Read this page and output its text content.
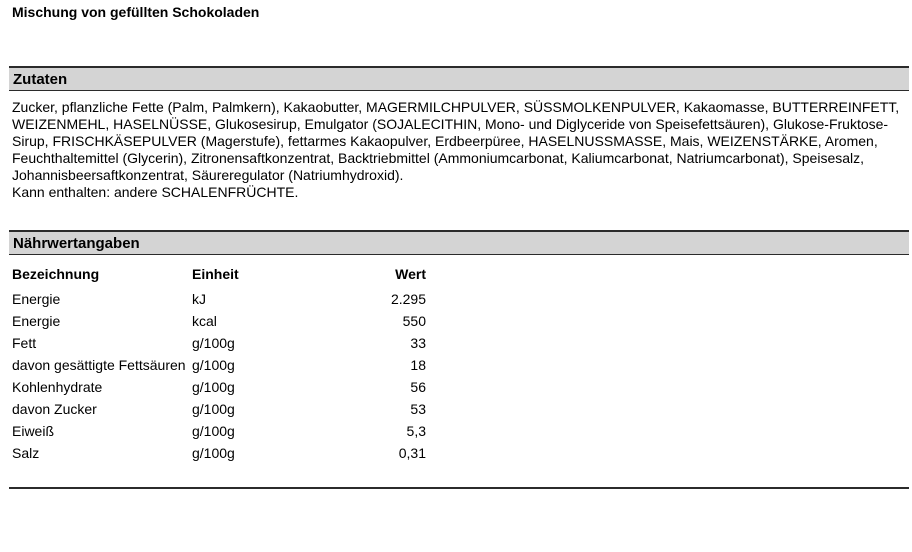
Mischung von gefüllten Schokoladen
Zutaten
Zucker, pflanzliche Fette (Palm, Palmkern), Kakaobutter, MAGERMILCHPULVER, SÜSSMOLKENPULVER, Kakaomasse, BUTTERREINFETT, WEIZENMEHL, HASELNÜSSE, Glukosesirup, Emulgator (SOJALECITHIN, Mono- und Diglyceride von Speisefettsäuren), Glukose-Fruktose-Sirup, FRISCHKÄSEPULVER (Magerstufe), fettarmes Kakaopulver, Erdbeerpüree, HASELNUSSMASSE, Mais, WEIZENSTÄRKE, Aromen, Feuchthaltemittel (Glycerin), Zitronensaftkonzentrat, Backtriebmittel (Ammoniumcarbonat, Kaliumcarbonat, Natriumcarbonat), Speisesalz, Johannisbeersaftkonzentrat, Säureregulator (Natriumhydroxid).
Kann enthalten: andere SCHALENFRÜCHTE.
Nährwertangaben
Bezeichnung	Einheit	Wert
Energie	kJ	2.295
Energie	kcal	550
Fett	g/100g	33
davon gesättigte Fettsäuren	g/100g	18
Kohlenhydrate	g/100g	56
davon Zucker	g/100g	53
Eiweiß	g/100g	5,3
Salz	g/100g	0,31
